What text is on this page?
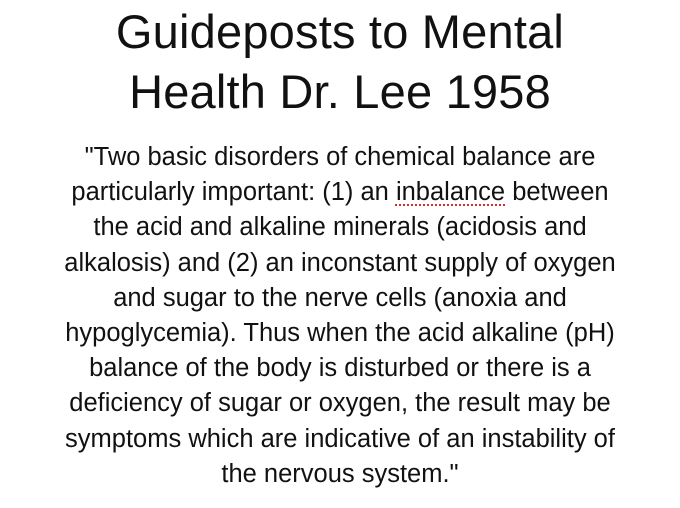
Guideposts to Mental
Health Dr. Lee 1958

"Two basic disorders of chemical balance are
particularly important: (1) an inbalance between
the acid and alkaline minerals (acidosis and
alkalosis) and (2) an inconstant supply of oxygen
and sugar to the nerve cells (anoxia and
hypoglycemia). Thus when the acid alkaline (pH)
balance of the body is disturbed or there is a
deficiency of sugar or oxygen, the result may be
symptoms which are indicative of an instability of
the nervous system."
